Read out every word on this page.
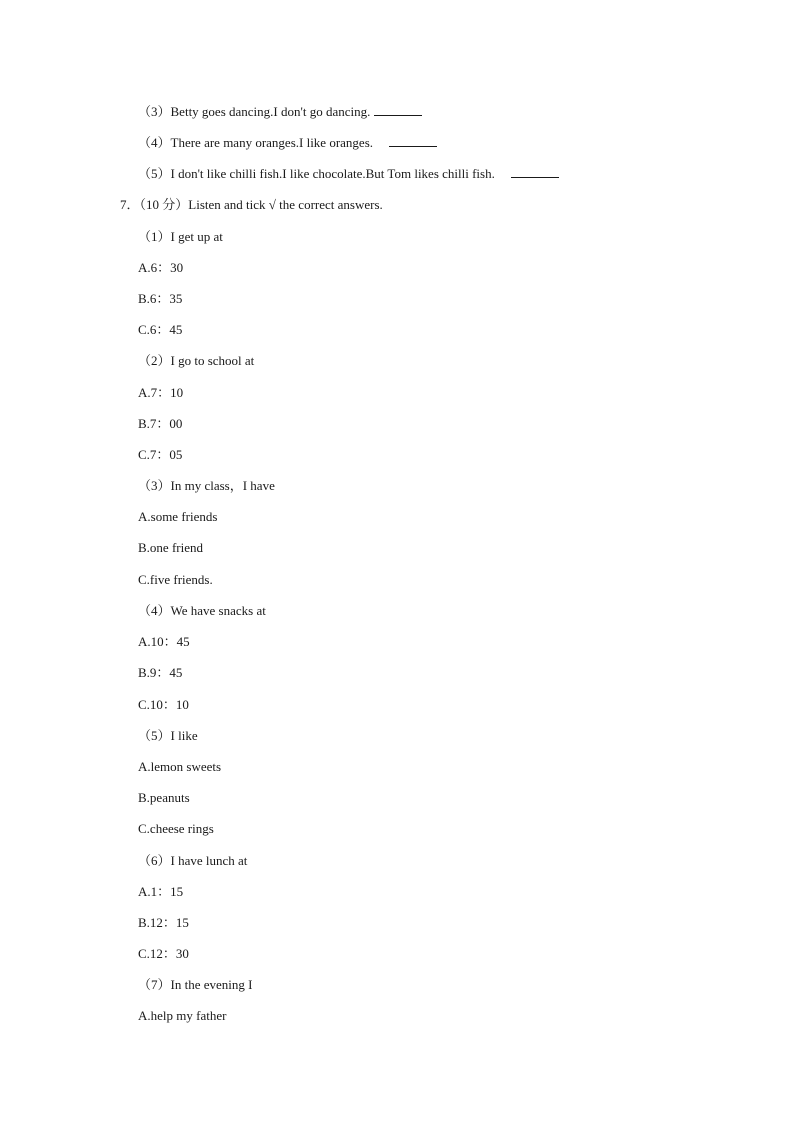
（3）Betty goes dancing.I don't go dancing.
（4）There are many oranges.I like oranges.
（5）I don't like chilli fish.I like chocolate.But Tom likes chilli fish.
7．（10 分）Listen and tick √ the correct answers.
（1）I get up at
A.6：30
B.6：35
C.6：45
（2）I go to school at
A.7：10
B.7：00
C.7：05
（3）In my class，I have
A.some friends
B.one friend
C.five friends.
（4）We have snacks at
A.10：45
B.9：45
C.10：10
（5）I like
A.lemon sweets
B.peanuts
C.cheese rings
（6）I have lunch at
A.1：15
B.12：15
C.12：30
（7）In the evening I
A.help my father
